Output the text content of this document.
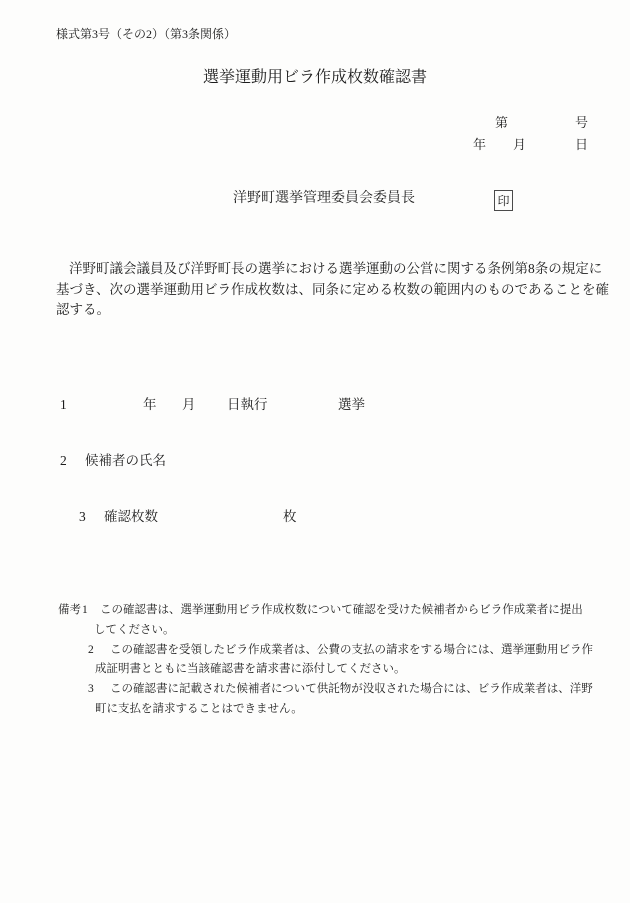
様式第3号（その2）（第3条関係）
選挙運動用ビラ作成枚数確認書
第	号
年 月	日
洋野町選挙管理委員会委員長	印
洋野町議会議員及び洋野町長の選挙における選挙運動の公営に関する条例第8条の規定に
基づき、次の選挙運動用ビラ作成枚数は、同条に定める枚数の範囲内のものであることを確
認する。
1	年 月 日執行	選挙
2 候補者の氏名
3 確認枚数	枚
備考 1 この確認書は、選挙運動用ビラ作成枚数について確認を受けた候補者からビラ作成業者に提出
してください。
2 この確認書を受領したビラ作成業者は、公費の支払の請求をする場合には、選挙運動用ビラ作
成証明書とともに当該確認書を請求書に添付してください。
3 この確認書に記載された候補者について供託物が没収された場合には、ビラ作成業者は、洋野
町に支払を請求することはできません。
